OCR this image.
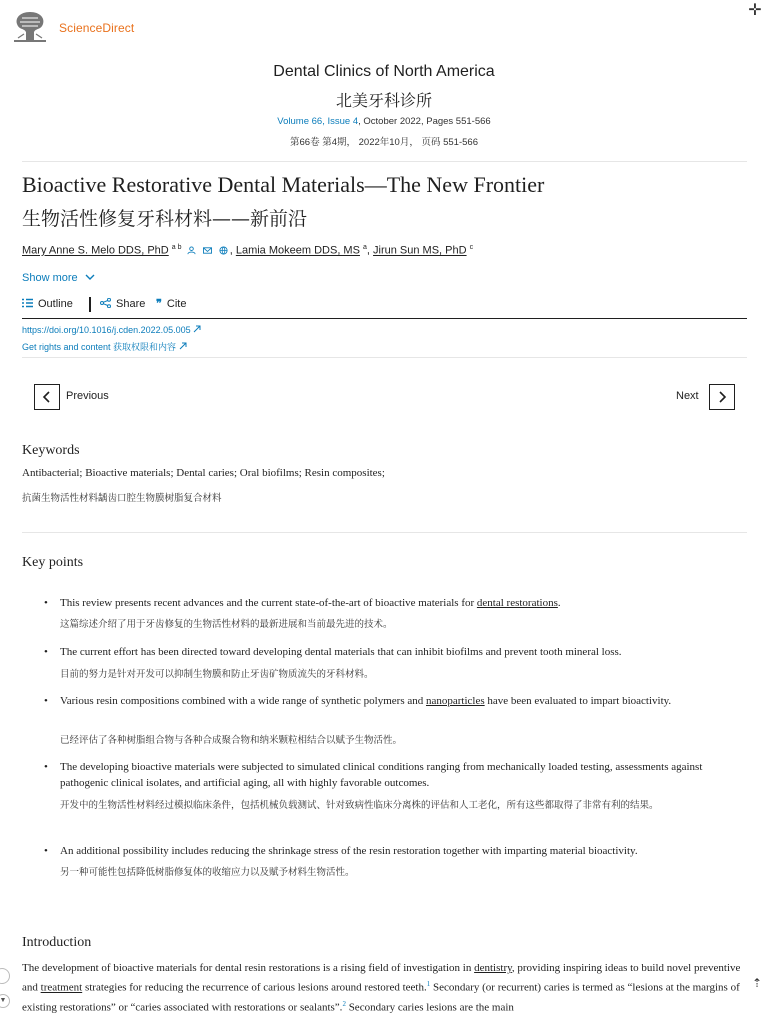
ScienceDirect
✛
Dental Clinics of North America
北美牙科诊所
Volume 66, Issue 4, October 2022, Pages 551-566
第66卷 第4期， 2022年10月， 页码 551-566
Bioactive Restorative Dental Materials—The New Frontier
生物活性修复牙科材料——新前沿
Mary Anne S. Melo DDS, PhD $^{a b}$	, Lamia Mokeem DDS, MS $^a$, Jirun Sun MS, PhD $^c$
Show more
Outline	Share ❞ Cite
https://doi.org/10.1016/j.cden.2022.05.005
Get rights and content 获取权限和内容
Previous	Next
Keywords
Antibacterial; Bioactive materials; Dental caries; Oral biofilms; Resin composites;
抗菌生物活性材料龋齿口腔生物膜树脂复合材料
Key points
• This review presents recent advances and the current state-of-the-art of bioactive materials for dental restorations.
这篇综述介绍了用于牙齿修复的生物活性材料的最新进展和当前最先进的技术。
• The current effort has been directed toward developing dental materials that can inhibit biofilms and prevent tooth mineral loss.
目前的努力是针对开发可以抑制生物膜和防止牙齿矿物质流失的牙科材料。
• Various resin compositions combined with a wide range of synthetic polymers and nanoparticles have been evaluated to impart bioactivity.
已经评估了各种树脂组合物与各种合成聚合物和纳米颗粒相结合以赋予生物活性。
• The developing bioactive materials were subjected to simulated clinical conditions ranging from mechanically loaded testing, assessments against pathogenic clinical isolates, and artificial aging, all with highly favorable outcomes.
开发中的生物活性材料经过模拟临床条件，包括机械负载测试、针对致病性临床分离株的评估和人工老化，所有这些都取得了非常有利的结果。
• An additional possibility includes reducing the shrinkage stress of the resin restoration together with imparting material bioactivity.
另一种可能性包括降低树脂修复体的收缩应力以及赋予材料生物活性。
Introduction
The development of bioactive materials for dental resin restorations is a rising field of investigation in dentistry, providing inspiring ideas to build novel preventive and treatment strategies for reducing the recurrence of carious lesions around restored teeth.$^1$ Secondary (or recurrent) caries is termed as “lesions at the margins of existing restorations” or “caries associated with restorations or sealants”.$^2$ Secondary caries lesions are the main
▼
⇡
